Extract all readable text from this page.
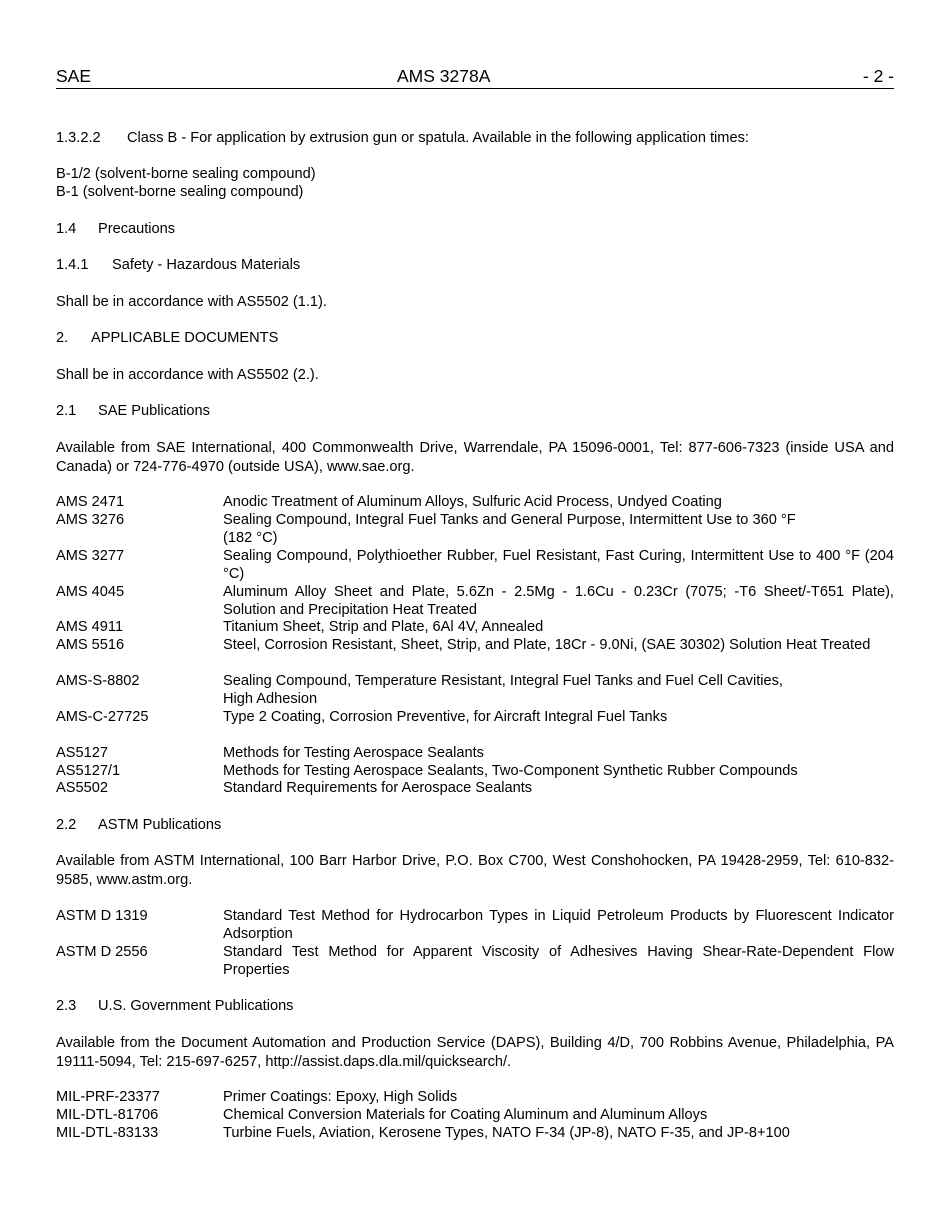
SAE	AMS 3278A	- 2 -
1.3.2.2 Class B - For application by extrusion gun or spatula. Available in the following application times:
B-1/2 (solvent-borne sealing compound)
B-1 (solvent-borne sealing compound)
1.4 Precautions
1.4.1 Safety - Hazardous Materials
Shall be in accordance with AS5502 (1.1).
2. APPLICABLE DOCUMENTS
Shall be in accordance with AS5502 (2.).
2.1 SAE Publications
Available from SAE International, 400 Commonwealth Drive, Warrendale, PA 15096-0001, Tel: 877-606-7323 (inside USA and Canada) or 724-776-4970 (outside USA), www.sae.org.
AMS 2471	Anodic Treatment of Aluminum Alloys, Sulfuric Acid Process, Undyed Coating
AMS 3276	Sealing Compound, Integral Fuel Tanks and General Purpose, Intermittent Use to 360 °F
(182 °C)
AMS 3277	Sealing Compound, Polythioether Rubber, Fuel Resistant, Fast Curing, Intermittent Use to 400 °F (204 °C)
AMS 4045	Aluminum Alloy Sheet and Plate, 5.6Zn - 2.5Mg - 1.6Cu - 0.23Cr (7075; -T6 Sheet/-T651 Plate), Solution and Precipitation Heat Treated
AMS 4911	Titanium Sheet, Strip and Plate, 6Al 4V, Annealed
AMS 5516	Steel, Corrosion Resistant, Sheet, Strip, and Plate, 18Cr - 9.0Ni, (SAE 30302) Solution Heat Treated
AMS-S-8802	Sealing Compound, Temperature Resistant, Integral Fuel Tanks and Fuel Cell Cavities,
High Adhesion
AMS-C-27725	Type 2 Coating, Corrosion Preventive, for Aircraft Integral Fuel Tanks
AS5127	Methods for Testing Aerospace Sealants
AS5127/1	Methods for Testing Aerospace Sealants, Two-Component Synthetic Rubber Compounds
AS5502	Standard Requirements for Aerospace Sealants
2.2 ASTM Publications
Available from ASTM International, 100 Barr Harbor Drive, P.O. Box C700, West Conshohocken, PA 19428-2959, Tel: 610-832-9585, www.astm.org.
ASTM D 1319	Standard Test Method for Hydrocarbon Types in Liquid Petroleum Products by Fluorescent Indicator Adsorption
ASTM D 2556	Standard Test Method for Apparent Viscosity of Adhesives Having Shear-Rate-Dependent Flow Properties
2.3 U.S. Government Publications
Available from the Document Automation and Production Service (DAPS), Building 4/D, 700 Robbins Avenue, Philadelphia, PA 19111-5094, Tel: 215-697-6257, http://assist.daps.dla.mil/quicksearch/.
MIL-PRF-23377	Primer Coatings: Epoxy, High Solids
MIL-DTL-81706	Chemical Conversion Materials for Coating Aluminum and Aluminum Alloys
MIL-DTL-83133	Turbine Fuels, Aviation, Kerosene Types, NATO F-34 (JP-8), NATO F-35, and JP-8+100
